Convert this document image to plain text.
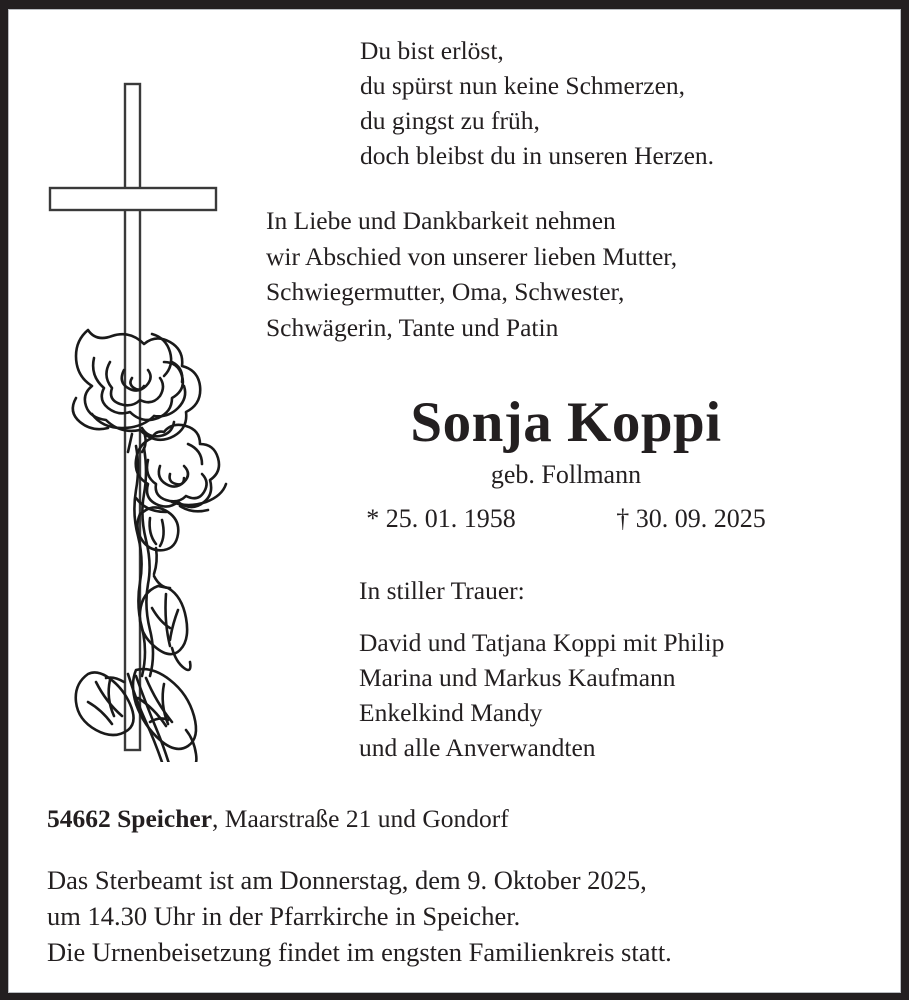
Du bist erlöst,
du spürst nun keine Schmerzen,
du gingst zu früh,
doch bleibst du in unseren Herzen.
In Liebe und Dankbarkeit nehmen
wir Abschied von unserer lieben Mutter,
Schwiegermutter, Oma, Schwester,
Schwägerin, Tante und Patin
Sonja Koppi
geb. Follmann
* 25. 01. 1958	† 30. 09. 2025
In stiller Trauer:
David und Tatjana Koppi mit Philip
Marina und Markus Kaufmann
Enkelkind Mandy
und alle Anverwandten
54662 Speicher, Maarstraße 21 und Gondorf
Das Sterbeamt ist am Donnerstag, dem 9. Oktober 2025,
um 14.30 Uhr in der Pfarrkirche in Speicher.
Die Urnenbeisetzung findet im engsten Familienkreis statt.
